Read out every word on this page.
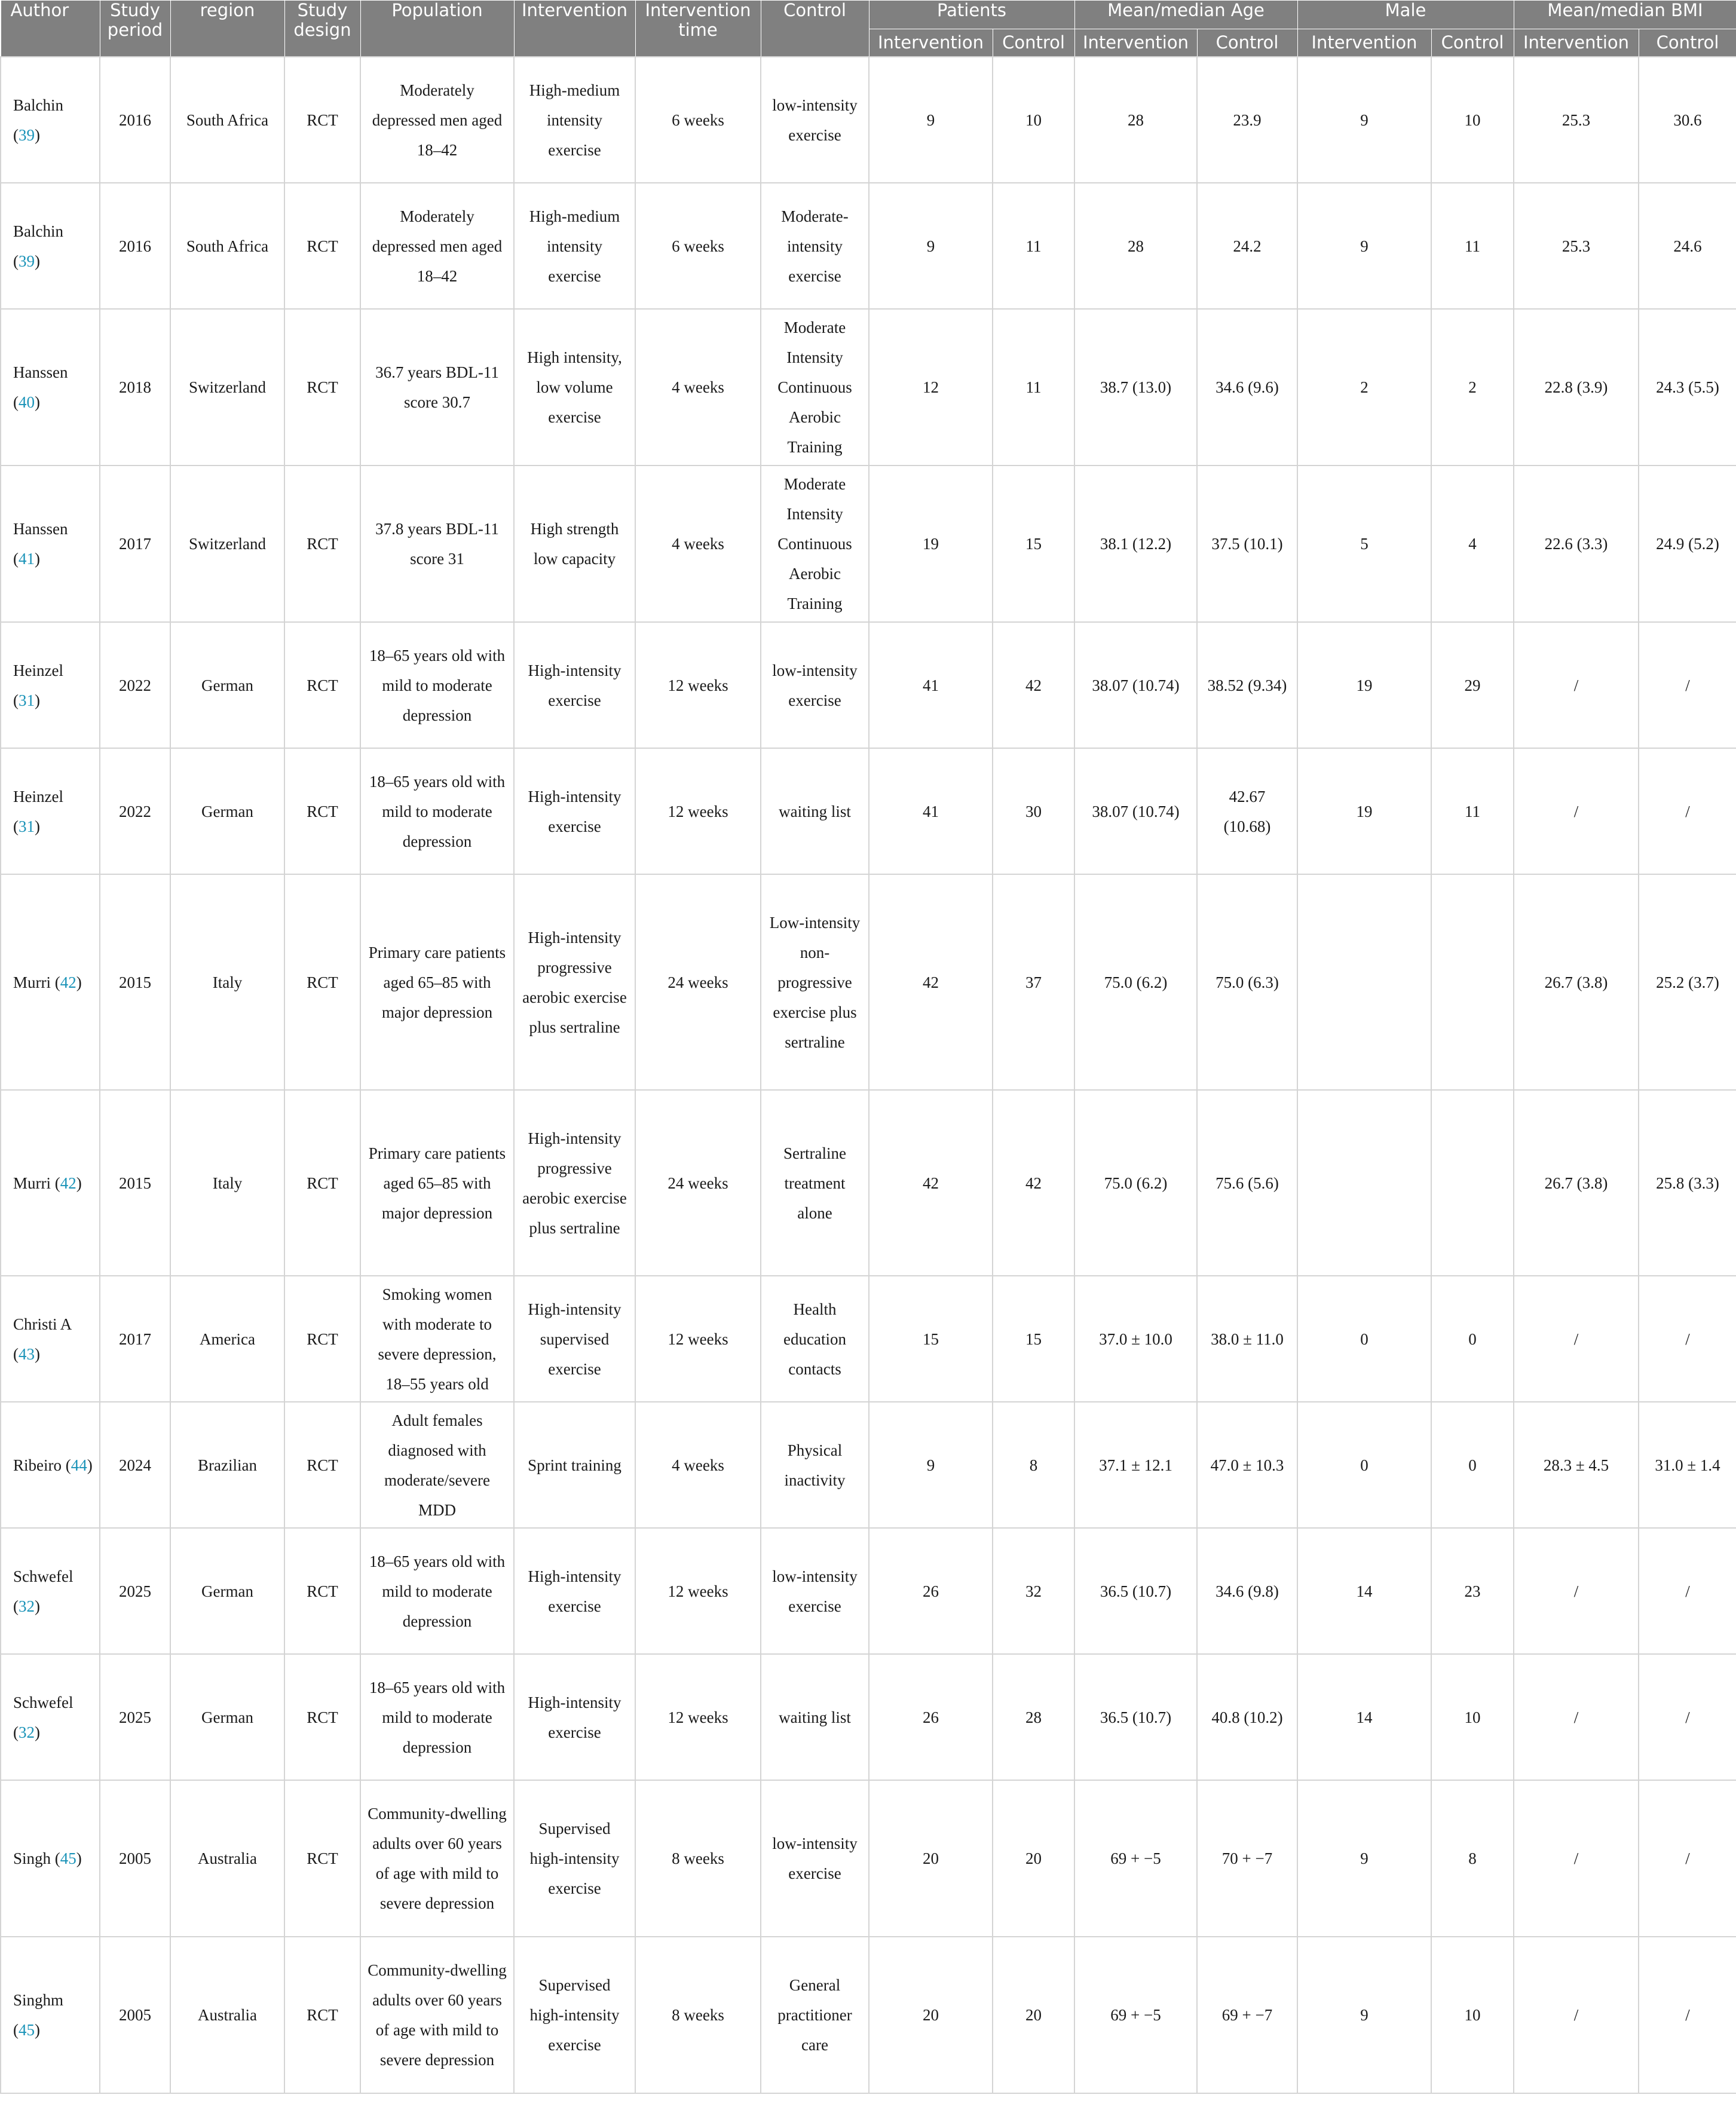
Author	Study period	region	Study design	Population	Intervention	Intervention time	Control	Patients		Mean/median Age		Male		Mean/median BMI	
								Intervention	Control	Intervention	Control	Intervention	Control	Intervention	Control
Balchin (39)	2016	South Africa	RCT	Moderately depressed men aged 18–42	High-medium intensity exercise	6 weeks	low-intensity exercise	9	10	28	23.9	9	10	25.3	30.6
Balchin (39)	2016	South Africa	RCT	Moderately depressed men aged 18–42	High-medium intensity exercise	6 weeks	Moderate-intensity exercise	9	11	28	24.2	9	11	25.3	24.6
Hanssen (40)	2018	Switzerland	RCT	36.7 years BDL-11 score 30.7	High intensity, low volume exercise	4 weeks	Moderate Intensity Continuous Aerobic Training	12	11	38.7 (13.0)	34.6 (9.6)	2	2	22.8 (3.9)	24.3 (5.5)
Hanssen (41)	2017	Switzerland	RCT	37.8 years BDL-11 score 31	High strength low capacity	4 weeks	Moderate Intensity Continuous Aerobic Training	19	15	38.1 (12.2)	37.5 (10.1)	5	4	22.6 (3.3)	24.9 (5.2)
Heinzel (31)	2022	German	RCT	18–65 years old with mild to moderate depression	High-intensity exercise	12 weeks	low-intensity exercise	41	42	38.07 (10.74)	38.52 (9.34)	19	29	/	/
Heinzel (31)	2022	German	RCT	18–65 years old with mild to moderate depression	High-intensity exercise	12 weeks	waiting list	41	30	38.07 (10.74)	42.67 (10.68)	19	11	/	/
Murri (42)	2015	Italy	RCT	Primary care patients aged 65–85 with major depression	High-intensity progressive aerobic exercise plus sertraline	24 weeks	Low-intensity non-progressive exercise plus sertraline	42	37	75.0 (6.2)	75.0 (6.3)			26.7 (3.8)	25.2 (3.7)
Murri (42)	2015	Italy	RCT	Primary care patients aged 65–85 with major depression	High-intensity progressive aerobic exercise plus sertraline	24 weeks	Sertraline treatment alone	42	42	75.0 (6.2)	75.6 (5.6)			26.7 (3.8)	25.8 (3.3)
Christi A (43)	2017	America	RCT	Smoking women with moderate to severe depression, 18–55 years old	High-intensity supervised exercise	12 weeks	Health education contacts	15	15	37.0 ± 10.0	38.0 ± 11.0	0	0	/	/
Ribeiro (44)	2024	Brazilian	RCT	Adult females diagnosed with moderate/severe MDD	Sprint training	4 weeks	Physical inactivity	9	8	37.1 ± 12.1	47.0 ± 10.3	0	0	28.3 ± 4.5	31.0 ± 1.4
Schwefel (32)	2025	German	RCT	18–65 years old with mild to moderate depression	High-intensity exercise	12 weeks	low-intensity exercise	26	32	36.5 (10.7)	34.6 (9.8)	14	23	/	/
Schwefel (32)	2025	German	RCT	18–65 years old with mild to moderate depression	High-intensity exercise	12 weeks	waiting list	26	28	36.5 (10.7)	40.8 (10.2)	14	10	/	/
Singh (45)	2005	Australia	RCT	Community-dwelling adults over 60 years of age with mild to severe depression	Supervised high-intensity exercise	8 weeks	low-intensity exercise	20	20	69 + −5	70 + −7	9	8	/	/
Singhm (45)	2005	Australia	RCT	Community-dwelling adults over 60 years of age with mild to severe depression	Supervised high-intensity exercise	8 weeks	General practitioner care	20	20	69 + −5	69 + −7	9	10	/	/
